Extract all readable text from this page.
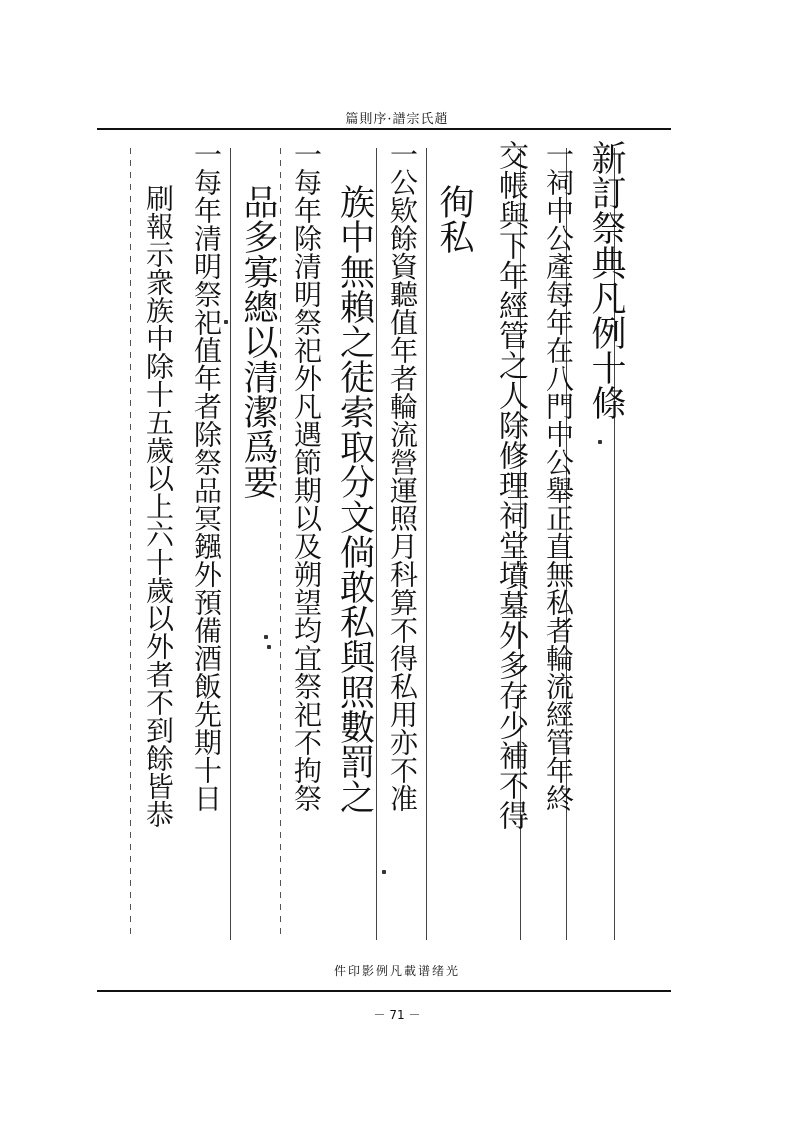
篇則序·譜宗氏趙
新訂祭典凡例十條
一祠中公產每年在八門中公舉正直無私者輪流經管年終
交帳與下年經管之人除修理祠堂墳墓外多存少補不得
徇私
一公欵餘資聽值年者輪流營運照月科算不得私用亦不准
族中無賴之徒索取分文倘敢私與照數罰之
一每年除清明祭祀外凡遇節期以及朔望均宜祭祀不拘祭
品多寡總以清潔爲要
一每年清明祭祀值年者除祭品冥鏹外預備酒飯先期十日
刷報示衆族中除十五歲以上六十歲以外者不到餘皆恭
件印影例凡載谱绪光
－ 71 －
